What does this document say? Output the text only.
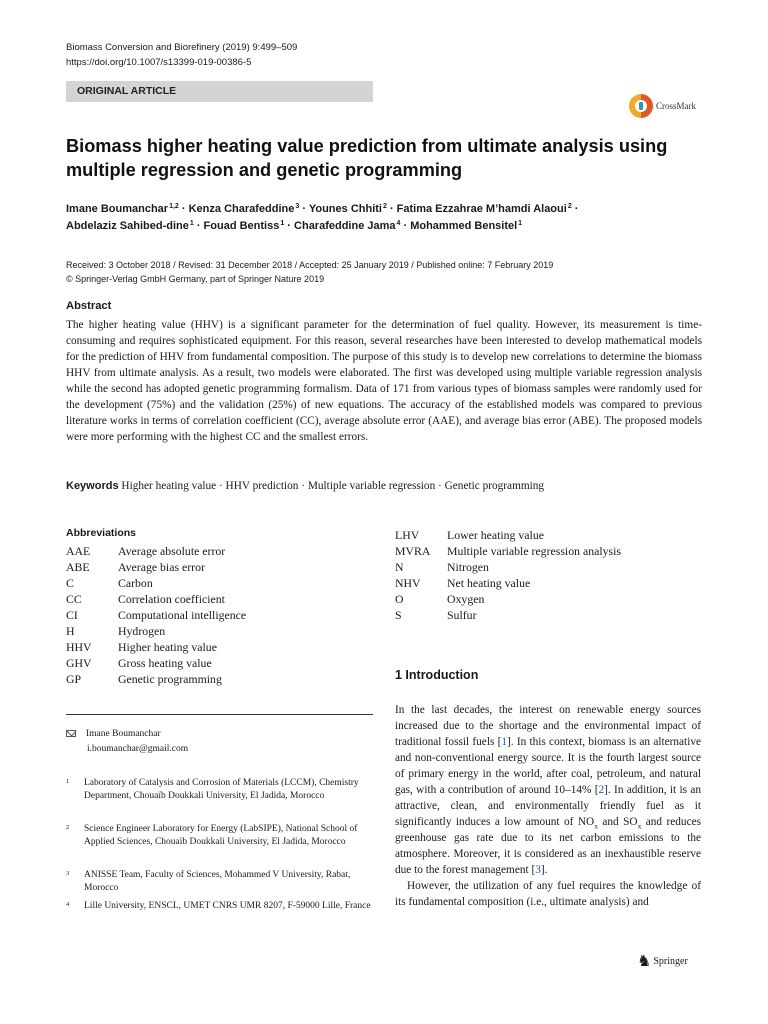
Biomass Conversion and Biorefinery (2019) 9:499–509
https://doi.org/10.1007/s13399-019-00386-5
ORIGINAL ARTICLE
CrossMark
Biomass higher heating value prediction from ultimate analysis using multiple regression and genetic programming
Imane Boumanchar$^{1,2}$ · Kenza Charafeddine$^3$ · Younes Chhiti$^2$ · Fatima Ezzahrae M’hamdi Alaoui$^2$ ·
Abdelaziz Sahibed-dine$^1$ · Fouad Bentiss$^1$ · Charafeddine Jama$^4$ · Mohammed Bensitel$^1$
Received: 3 October 2018 / Revised: 31 December 2018 / Accepted: 25 January 2019 / Published online: 7 February 2019
© Springer-Verlag GmbH Germany, part of Springer Nature 2019
Abstract
The higher heating value (HHV) is a significant parameter for the determination of fuel quality. However, its measurement is time-consuming and requires sophisticated equipment. For this reason, several researches have been interested to develop mathematical models for the prediction of HHV from fundamental composition. The purpose of this study is to develop new correlations to determine the biomass HHV from ultimate analysis. As a result, two models were elaborated. The first was developed using multiple variable regression analysis while the second has adopted genetic programming formalism. Data of 171 from various types of biomass samples were randomly used for the development (75%) and the validation (25%) of new equations. The accuracy of the established models was compared to previous literature works in terms of correlation coefficient (CC), average absolute error (AAE), and average bias error (ABE). The proposed models were more performing with the highest CC and the smallest errors.
Keywords Higher heating value · HHV prediction · Multiple variable regression · Genetic programming
Abbreviations
AAE	Average absolute error
ABE	Average bias error
C	Carbon
CC	Correlation coefficient
CI	Computational intelligence
H	Hydrogen
HHV	Higher heating value
GHV	Gross heating value
GP	Genetic programming
LHV	Lower heating value
MVRA	Multiple variable regression analysis
N	Nitrogen
NHV	Net heating value
O	Oxygen
S	Sulfur
1 Introduction

In the last decades, the interest on renewable energy sources increased due to the shortage and the environmental impact of traditional fossil fuels [1]. In this context, biomass is an alternative and non-conventional energy source. It is the fourth largest source of primary energy in the world, after coal, petroleum, and natural gas, with a contribution of around 10–14% [2]. In addition, it is an attractive, clean, and environmentally friendly fuel as it significantly induces a low amount of $NO_x$ and $SO_x$ and reduces greenhouse gas rate due to its net carbon emissions to the atmosphere. Moreover, it is considered as an inexhaustible reserve due to the forest management [3].

However, the utilization of any fuel requires the knowledge of its fundamental composition (i.e., ultimate analysis) and

Imane Boumanchar
i.boumanchar@gmail.com
1	Laboratory of Catalysis and Corrosion of Materials (LCCM), Chemistry Department, Chouaïb Doukkali University, El Jadida, Morocco
2	Science Engineer Laboratory for Energy (LabSIPE), National School of Applied Sciences, Chouaïb Doukkali University, El Jadida, Morocco
3	ANISSE Team, Faculty of Sciences, Mohammed V University, Rabat, Morocco
4	Lille University, ENSCL, UMET CNRS UMR 8207, F-59000 Lille, France
♞ Springer
